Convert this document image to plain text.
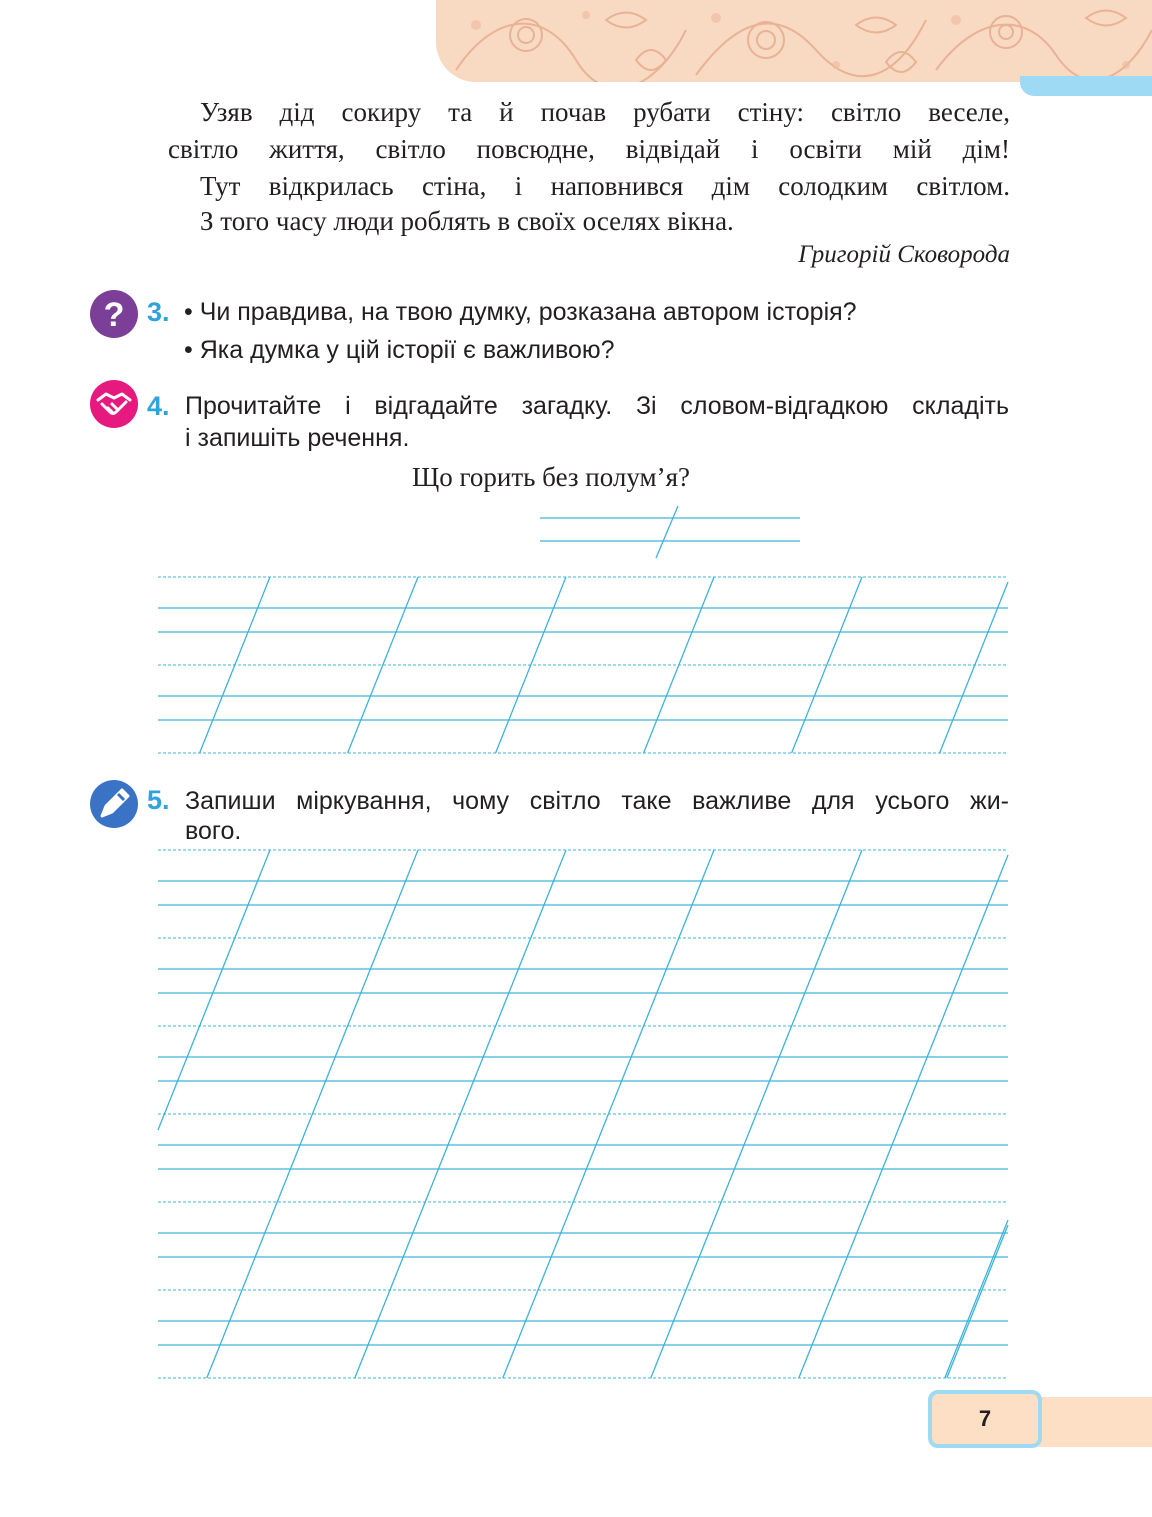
Узяв дід сокиру та й почав рубати стіну: світло веселе,
світло життя, світло повсюдне, відвідай і освіти мій дім!
Тут відкрилась стіна, і наповнився дім солодким світлом.
З того часу люди роблять в своїх оселях вікна.
Григорій Сковорода
? 3. • Чи правдива, на твою думку, розказана автором історія?
• Яка думка у цій історії є важливою?
4. Прочитайте і відгадайте загадку. Зі словом-відгадкою складіть
і запишіть речення.
Що горить без полум’я?
5. Запиши міркування, чому світло таке важливе для усього жи-
вого.
7
